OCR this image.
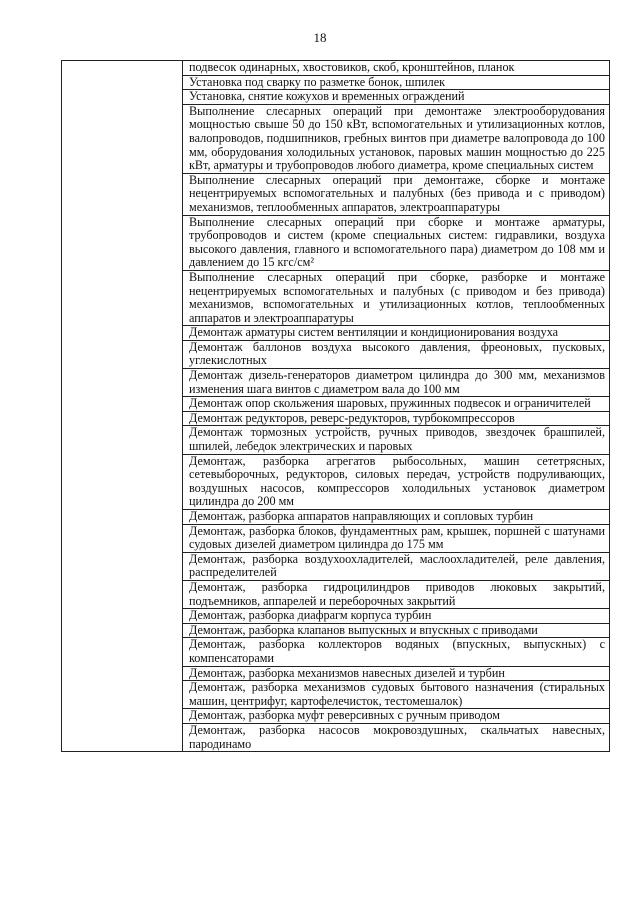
18
	подвесок одинарных, хвостовиков, скоб, кронштейнов, планок
Установка под сварку по разметке бонок, шпилек
Установка, снятие кожухов и временных ограждений
Выполнение слесарных операций при демонтаже электрооборудования мощностью свыше 50 до 150 кВт, вспомогательных и утилизационных котлов, валопроводов, подшипников, гребных винтов при диаметре валопровода до 100 мм, оборудования холодильных установок, паровых машин мощностью до 225 кВт, арматуры и трубопроводов любого диаметра, кроме специальных систем
Выполнение слесарных операций при демонтаже, сборке и монтаже нецентрируемых вспомогательных и палубных (без привода и с приводом) механизмов, теплообменных аппаратов, электроаппаратуры
Выполнение слесарных операций при сборке и монтаже арматуры, трубопроводов и систем (кроме специальных систем: гидравлики, воздуха высокого давления, главного и вспомогательного пара) диаметром до 108 мм и давлением до 15 кгс/см²
Выполнение слесарных операций при сборке, разборке и монтаже нецентрируемых вспомогательных и палубных (с приводом и без привода) механизмов, вспомогательных и утилизационных котлов, теплообменных аппаратов и электроаппаратуры
Демонтаж арматуры систем вентиляции и кондиционирования воздуха
Демонтаж баллонов воздуха высокого давления, фреоновых, пусковых, углекислотных
Демонтаж дизель-генераторов диаметром цилиндра до 300 мм, механизмов изменения шага винтов с диаметром вала до 100 мм
Демонтаж опор скольжения шаровых, пружинных подвесок и ограничителей
Демонтаж редукторов, реверс-редукторов, турбокомпрессоров
Демонтаж тормозных устройств, ручных приводов, звездочек брашпилей, шпилей, лебедок электрических и паровых
Демонтаж, разборка агрегатов рыбосольных, машин сететрясных, сетевыборочных, редукторов, силовых передач, устройств подруливающих, воздушных насосов, компрессоров холодильных установок диаметром цилиндра до 200 мм
Демонтаж, разборка аппаратов направляющих и сопловых турбин
Демонтаж, разборка блоков, фундаментных рам, крышек, поршней с шатунами судовых дизелей диаметром цилиндра до 175 мм
Демонтаж, разборка воздухоохладителей, маслоохладителей, реле давления, распределителей
Демонтаж, разборка гидроцилиндров приводов люковых закрытий, подъемников, аппарелей и переборочных закрытий
Демонтаж, разборка диафрагм корпуса турбин
Демонтаж, разборка клапанов выпускных и впускных с приводами
Демонтаж, разборка коллекторов водяных (впускных, выпускных) с компенсаторами
Демонтаж, разборка механизмов навесных дизелей и турбин
Демонтаж, разборка механизмов судовых бытового назначения (стиральных машин, центрифуг, картофелечисток, тестомешалок)
Демонтаж, разборка муфт реверсивных с ручным приводом
Демонтаж, разборка насосов мокровоздушных, скальчатых навесных, пародинамо
